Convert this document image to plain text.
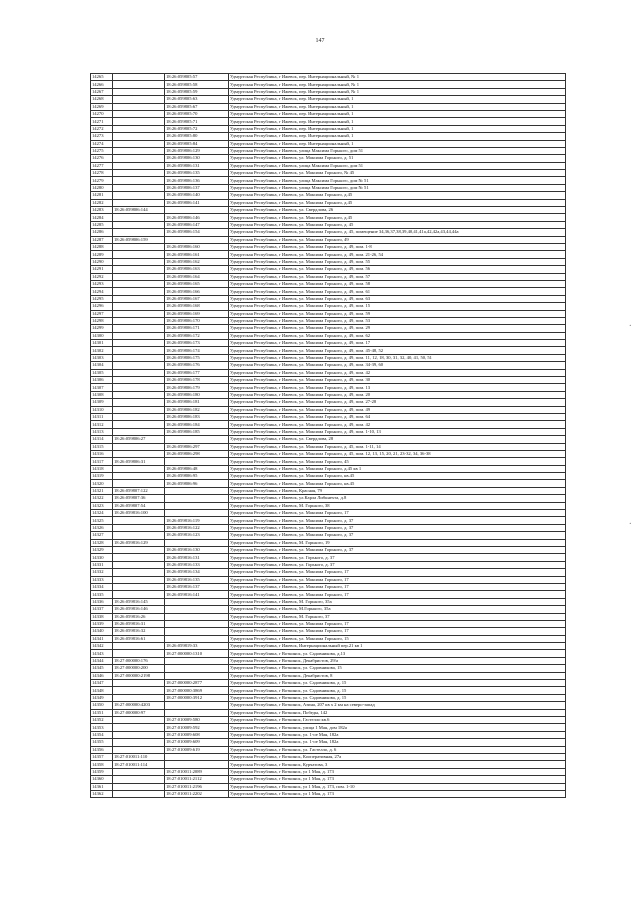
147
14265		18:26:059805:57	Удмуртская Республика, г Ижевск, пер. Интернациональный, № 1
14266		18:26:059805:58	Удмуртская Республика, г Ижевск, пер. Интернациональный, № 1
14267		18:26:059805:59	Удмуртская Республика, г Ижевск, пер. Интернациональный, № 1
14268		18:26:059805:63	Удмуртская Республика, г Ижевск, пер. Интернациональный, 1
14269		18:26:059805:67	Удмуртская Республика, г Ижевск, пер. Интернациональный, 1
14270		18:26:059805:70	Удмуртская Республика, г Ижевск, пер. Интернациональный, 1
14271		18:26:059805:71	Удмуртская Республика, г Ижевск, пер. Интернациональный, 1
14272		18:26:059805:72	Удмуртская Республика, г Ижевск, пер. Интернациональный, 1
14273		18:26:059805:80	Удмуртская Республика, г Ижевск, пер. Интернациональный, 1
14274		18:26:059805:84	Удмуртская Республика, г Ижевск, пер. Интернациональный, 1
14275		18:26:059806:129	Удмуртская Республика, г Ижевск, улица Максима Горького, дом 51
14276		18:26:059806:130	Удмуртская Республика, г Ижевск, ул. Максима Горького, д. 51
14277		18:26:059806:131	Удмуртская Республика, г Ижевск, улица Максима Горького, дом 51
14278		18:26:059806:135	Удмуртская Республика, г Ижевск, ул. Максима Горького, № 45
14279		18:26:059806:136	Удмуртская Республика, г Ижевск, улица Максима Горького, дом № 51
14280		18:26:059806:137	Удмуртская Республика, г Ижевск, улица Максима Горького, дом № 51
14281		18:26:059806:140	Удмуртская Республика, г Ижевск, ул. Максима Горького, д.45
14282		18:26:059806:141	Удмуртская Республика, г Ижевск, ул. Максима Горького, д.45
14283	18:26:059806:144		Удмуртская Республика, г Ижевск, ул. Свердлова, 26
14284		18:26:059806:146	Удмуртская Республика, г Ижевск, ул. Максима Горького, д.45
14285		18:26:059806:147	Удмуртская Республика, г Ижевск, ул. Максима Горького, д. 45
14286		18:26:059806:154	Удмуртская Республика, г Ижевск, ул. Максима Горького, д. 45, помещение 34,36,37,38,39,40,41,41а,42,42а,43,44,44а
14287	18:26:059806:159		Удмуртская Республика, г Ижевск, ул. Максима Горького, 49
14288		18:26:059806:160	Удмуртская Республика, г Ижевск, ул. Максима Горького, д. 49, пом. 1-8
14289		18:26:059806:161	Удмуртская Республика, г Ижевск, ул. Максима Горького, д. 49, пом. 21-26, 54
14290		18:26:059806:162	Удмуртская Республика, г Ижевск, ул. Максима Горького, д. 49, пом. 55
14291		18:26:059806:163	Удмуртская Республика, г Ижевск, ул. Максима Горького, д. 49, пом. 56
14292		18:26:059806:164	Удмуртская Республика, г Ижевск, ул. Максима Горького, д. 49, пом. 57
14293		18:26:059806:165	Удмуртская Республика, г Ижевск, ул. Максима Горького, д. 49, пом. 58
14294		18:26:059806:166	Удмуртская Республика, г Ижевск, ул. Максима Горького, д. 49, пом. 61
14295		18:26:059806:167	Удмуртская Республика, г Ижевск, ул. Максима Горького, д. 49, пом. 63
14296		18:26:059806:168	Удмуртская Республика, г Ижевск, ул. Максима Горького, д. 49, пом. 15
14297		18:26:059806:169	Удмуртская Республика, г Ижевск, ул. Максима Горького, д. 49, пом. 59
14298		18:26:059806:170	Удмуртская Республика, г Ижевск, ул. Максима Горького, д. 49, пом. 53
14299		18:26:059806:171	Удмуртская Республика, г Ижевск, ул. Максима Горького, д. 49, пом. 29
14300		18:26:059806:172	Удмуртская Республика, г Ижевск, ул. Максима Горького, д. 49, пом. 62
14301		18:26:059806:173	Удмуртская Республика, г Ижевск, ул. Максима Горького, д. 49, пом. 17
14302		18:26:059806:174	Удмуртская Республика, г Ижевск, ул. Максима Горького, д. 49, пом. 45-48, 52
14303		18:26:059806:175	Удмуртская Республика, г Ижевск, ул. Максима Горького, д. 49, пом. 11, 12, 18, 30, 31, 32, 40, 41, 50, 51
14304		18:26:059806:176	Удмуртская Республика, г Ижевск, ул. Максима Горького, д. 49, пом. 34-39, 60
14305		18:26:059806:177	Удмуртская Республика, г Ижевск, ул. Максима Горького, д. 49, пом. 42
14306		18:26:059806:178	Удмуртская Республика, г Ижевск, ул. Максима Горького, д. 49, пом. 30
14307		18:26:059806:179	Удмуртская Республика, г Ижевск, ул. Максима Горького, д. 49, пом. 13
14308		18:26:059806:180	Удмуртская Республика, г Ижевск, ул. Максима Горького, д. 49, пом. 20
14309		18:26:059806:181	Удмуртская Республика, г Ижевск, ул. Максима Горького, д. 49, пом. 27-28
14310		18:26:059806:182	Удмуртская Республика, г Ижевск, ул. Максима Горького, д. 49, пом. 49
14311		18:26:059806:183	Удмуртская Республика, г Ижевск, ул. Максима Горького, д. 49, пом. 64
14312		18:26:059806:184	Удмуртская Республика, г Ижевск, ул. Максима Горького, д. 49, пом. 42
14313		18:26:059806:185	Удмуртская Республика, г Ижевск, ул. Максима Горького, д. 49, пом. 1-10, 13
14314	18:26:059806:27		Удмуртская Республика, г Ижевск, ул. Свердлова, 28
14315		18:26:059806:297	Удмуртская Республика, г Ижевск, ул. Максима Горького, д. 45, пом. 1-11, 14
14316		18:26:059806:298	Удмуртская Республика, г Ижевск, ул. Максима Горького, д. 45, пом. 12, 13, 15, 20, 21, 23-32, 34, 36-38
14317	18:26:059806:31		Удмуртская Республика, г Ижевск, ул. Максима Горького, 45
14318		18:26:059806:48	Удмуртская Республика, г Ижевск, ул. Максима Горького, д.45 кв 1
14319		18:26:059806:95	Удмуртская Республика, г Ижевск, ул. Максима Горького, кв.45
14320		18:26:059806:96	Удмуртская Республика, г Ижевск, ул. Максима Горького, кв.45
14321	18:26:059807:122		Удмуртская Республика, г Ижевск, Красная, 79
14322	18:26:059807:36		Удмуртская Республика, г Ижевск, ул.Карла Либкнехта, д.8
14323	18:26:059807:54		Удмуртская Республика, г Ижевск, М. Горького, 38
14324	18:26:059816:100		Удмуртская Республика, г Ижевск, ул. Максима Горького, 17
14325		18:26:059816:119	Удмуртская Республика, г Ижевск, ул. Максима Горького, д. 37
14326		18:26:059816:122	Удмуртская Республика, г Ижевск, ул. Максима Горького, д. 37
14327		18:26:059816:123	Удмуртская Республика, г Ижевск, ул. Максима Горького, д. 37
14328	18:26:059816:129		Удмуртская Республика, г Ижевск, М. Горького, 19
14329		18:26:059816:130	Удмуртская Республика, г Ижевск, ул. Максима Горького, д. 37
14330		18:26:059816:131	Удмуртская Республика, г Ижевск, ул. Горького, д. 37
14331		18:26:059816:133	Удмуртская Республика, г Ижевск, ул. Горького, д. 37
14332		18:26:059816:134	Удмуртская Республика, г Ижевск, ул. Максима Горького, 17
14333		18:26:059816:135	Удмуртская Республика, г Ижевск, ул. Максима Горького, 17
14334		18:26:059816:137	Удмуртская Республика, г Ижевск, ул. Максима Горького, 17
14335		18:26:059816:141	Удмуртская Республика, г Ижевск, ул. Максима Горького, 17
14336	18:26:059816:145		Удмуртская Республика, г Ижевск, М. Горького, 35а
14337	18:26:059816:146		Удмуртская Республика, г Ижевск, М.Горького, 35а
14338	18:26:059816:26		Удмуртская Республика, г Ижевск, М. Горького, 37
14339	18:26:059816:31		Удмуртская Республика, г Ижевск, ул. Максима Горького, 17
14340	18:26:059816:32		Удмуртская Республика, г Ижевск, ул. Максима Горького, 17
14341	18:26:059816:61		Удмуртская Республика, г Ижевск, ул. Максима Горького, 15
14342		18:26:059819:33	Удмуртская Республика, г Ижевск, Интернациональный пер.21 кв 1
14343		18:27:000000:1310	Удмуртская Республика, г Воткинск, ул. Садовникова, д.13
14344	18:27:000000:176		Удмуртская Республика, г Воткинск, Декабристов, 29/а
14345	18:27:000000:200		Удмуртская Республика, г Воткинск, ул. Садовникова, 15
14346	18:27:000000:2198		Удмуртская Республика, г Воткинск, Декабристов, 8
14347		18:27:000000:2877	Удмуртская Республика, г Воткинск, ул. Садовникова, д. 15
14348		18:27:000000:3869	Удмуртская Республика, г Воткинск, ул. Садовникова, д. 15
14349		18:27:000000:3912	Удмуртская Республика, г Воткинск, ул. Садовникова, д. 15
14350	18:27:000000:4203		Удмуртская Республика, г Воткинск, Азина, 207 кв х 2 км на северо-запад
14351	18:27:000000:97		Удмуртская Республика, г Воткинск, Победы, 142
14352		18:27:010009:580	Удмуртская Республика, г Воткинск, Гастелло кв.6
14353		18:27:010009:592	Удмуртская Республика, г Воткинск, улица 1 Мая, дом 182а
14354		18:27:010009:608	Удмуртская Республика, г Воткинск, ул. 1-ое Мая, 182а
14355		18:27:010009:609	Удмуртская Республика, г Воткинск, ул. 1-ое Мая, 182а
14356		18:27:010009:619	Удмуртская Республика, г Воткинск, ул. Гастелло, д. 6
14357	18:27:010011:110		Удмуртская Республика, г Воткинск, Кооперативная, 27а
14358	18:27:010011:114		Удмуртская Республика, г Воткинск, Курчатова, 3
14359		18:27:010011:2089	Удмуртская Республика, г Воткинск, ул 1 Мая, д. 173
14360		18:27:010011:2112	Удмуртская Республика, г Воткинск, ул 1 Мая, д. 173
14361		18:27:010011:2196	Удмуртская Республика, г Воткинск, ул 1 Мая, д. 173, пом. 1-10
14362		18:27:010011:2202	Удмуртская Республика, г Воткинск, ул 1 Мая, д. 173
·
·
